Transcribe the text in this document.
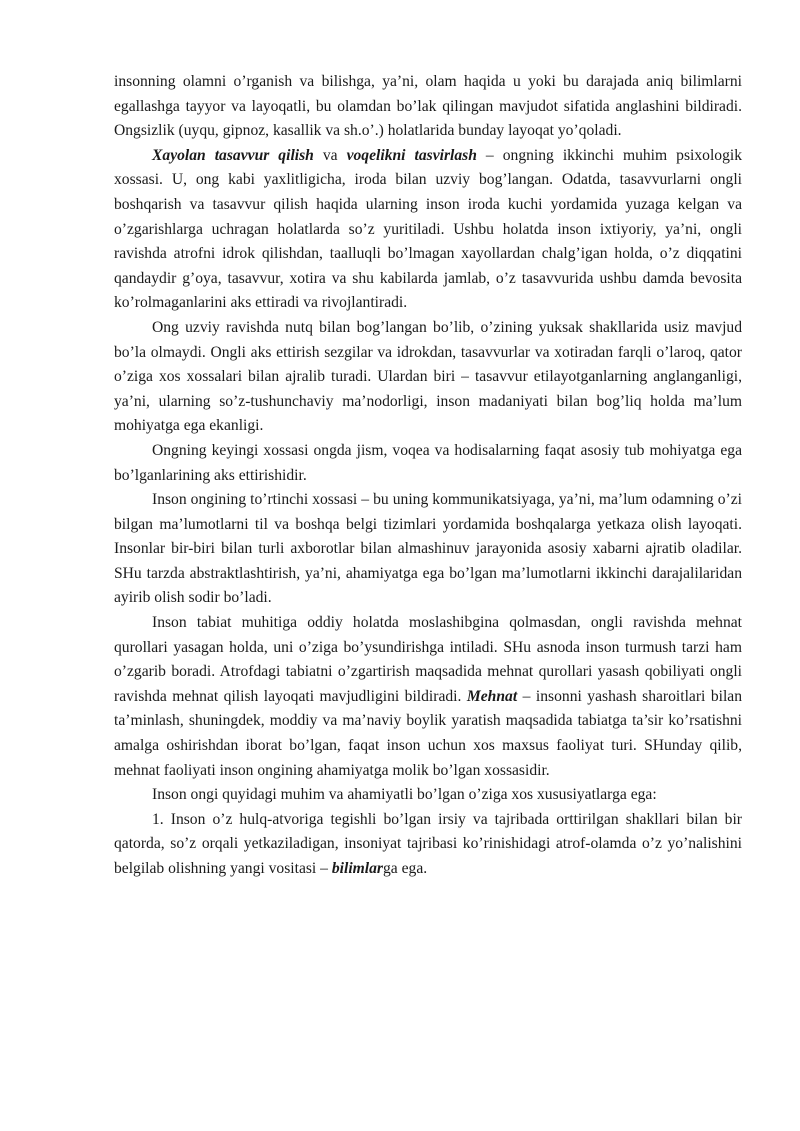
insonning olamni o’rganish va bilishga, ya’ni, olam haqida u yoki bu darajada aniq bilimlarni egallashga tayyor va layoqatli, bu olamdan bo’lak qilingan mavjudot sifatida anglashini bildiradi. Ongsizlik (uyqu, gipnoz, kasallik va sh.o’.) holatlarida bunday layoqat yo’qoladi.

Xayolan tasavvur qilish va voqelikni tasvirlash – ongning ikkinchi muhim psixologik xossasi. U, ong kabi yaxlitligicha, iroda bilan uzviy bog’langan. Odatda, tasavvurlarni ongli boshqarish va tasavvur qilish haqida ularning inson iroda kuchi yordamida yuzaga kelgan va o’zgarishlarga uchragan holatlarda so’z yuritiladi. Ushbu holatda inson ixtiyoriy, ya’ni, ongli ravishda atrofni idrok qilishdan, taalluqli bo’lmagan xayollardan chalg’igan holda, o’z diqqatini qandaydir g’oya, tasavvur, xotira va shu kabilarda jamlab, o’z tasavvurida ushbu damda bevosita ko’rolmaganlarini aks ettiradi va rivojlantiradi.

Ong uzviy ravishda nutq bilan bog’langan bo’lib, o’zining yuksak shakllarida usiz mavjud bo’la olmaydi. Ongli aks ettirish sezgilar va idrokdan, tasavvurlar va xotiradan farqli o’laroq, qator o’ziga xos xossalari bilan ajralib turadi. Ulardan biri – tasavvur etilayotganlarning anglanganligi, ya’ni, ularning so’z-tushunchaviy ma’nodorligi, inson madaniyati bilan bog’liq holda ma’lum mohiyatga ega ekanligi.

Ongning keyingi xossasi ongda jism, voqea va hodisalarning faqat asosiy tub mohiyatga ega bo’lganlarining aks ettirishidir.

Inson ongining to’rtinchi xossasi – bu uning kommunikatsiyaga, ya’ni, ma’lum odamning o’zi bilgan ma’lumotlarni til va boshqa belgi tizimlari yordamida boshqalarga yetkaza olish layoqati. Insonlar bir-biri bilan turli axborotlar bilan almashinuv jarayonida asosiy xabarni ajratib oladilar. SHu tarzda abstraktlashtirish, ya’ni, ahamiyatga ega bo’lgan ma’lumotlarni ikkinchi darajalilaridan ayirib olish sodir bo’ladi.

Inson tabiat muhitiga oddiy holatda moslashibgina qolmasdan, ongli ravishda mehnat qurollari yasagan holda, uni o’ziga bo’ysundirishga intiladi. SHu asnoda inson turmush tarzi ham o’zgarib boradi. Atrofdagi tabiatni o’zgartirish maqsadida mehnat qurollari yasash qobiliyati ongli ravishda mehnat qilish layoqati mavjudligini bildiradi. Mehnat – insonni yashash sharoitlari bilan ta’minlash, shuningdek, moddiy va ma’naviy boylik yaratish maqsadida tabiatga ta’sir ko’rsatishni amalga oshirishdan iborat bo’lgan, faqat inson uchun xos maxsus faoliyat turi. SHunday qilib, mehnat faoliyati inson ongining ahamiyatga molik bo’lgan xossasidir.

Inson ongi quyidagi muhim va ahamiyatli bo’lgan o’ziga xos xususiyatlarga ega:

1. Inson o’z hulq-atvoriga tegishli bo’lgan irsiy va tajribada orttirilgan shakllari bilan bir qatorda, so’z orqali yetkaziladigan, insoniyat tajribasi ko’rinishidagi atrof-olamda o’z yo’nalishini belgilab olishning yangi vositasi – bilimlarga ega.
